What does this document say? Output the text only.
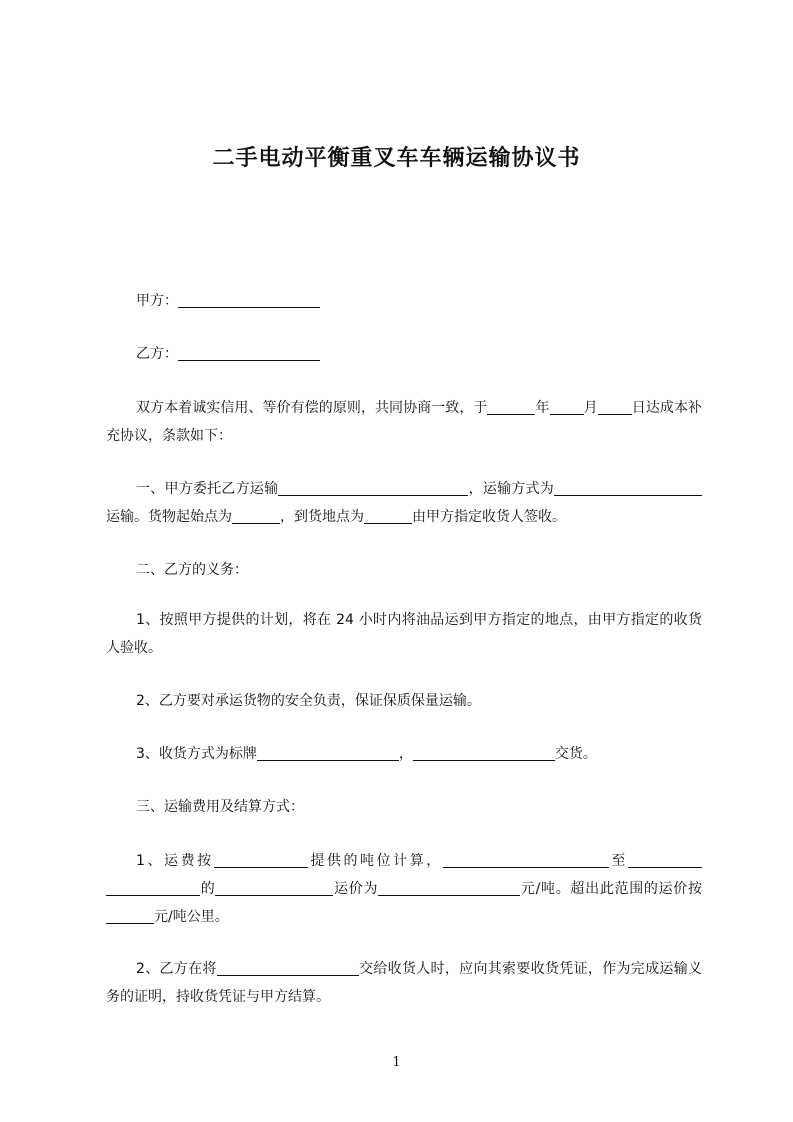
二手电动平衡重叉车车辆运输协议书

甲方：

乙方：

双方本着诚实信用、等价有偿的原则，共同协商一致，于	年 月 日达成本补充协议，条款如下：

一、甲方委托乙方运输	，运输方式为运输。货物起始点为	，到货地点为	由甲方指定收货人签收。

二、乙方的义务：

1、按照甲方提供的计划，将在 24 小时内将油品运到甲方指定的地点，由甲方指定的收货人验收。

2、乙方要对承运货物的安全负责，保证保质保量运输。

3、收货方式为标牌	，	交货。

三、运输费用及结算方式：

1、运费按	提供的吨位计算，	至的	运价为	元/吨。超出此范围的运价按元/吨公里。

2、乙方在将	交给收货人时，应向其索要收货凭证，作为完成运输义务的证明，持收货凭证与甲方结算。

1
